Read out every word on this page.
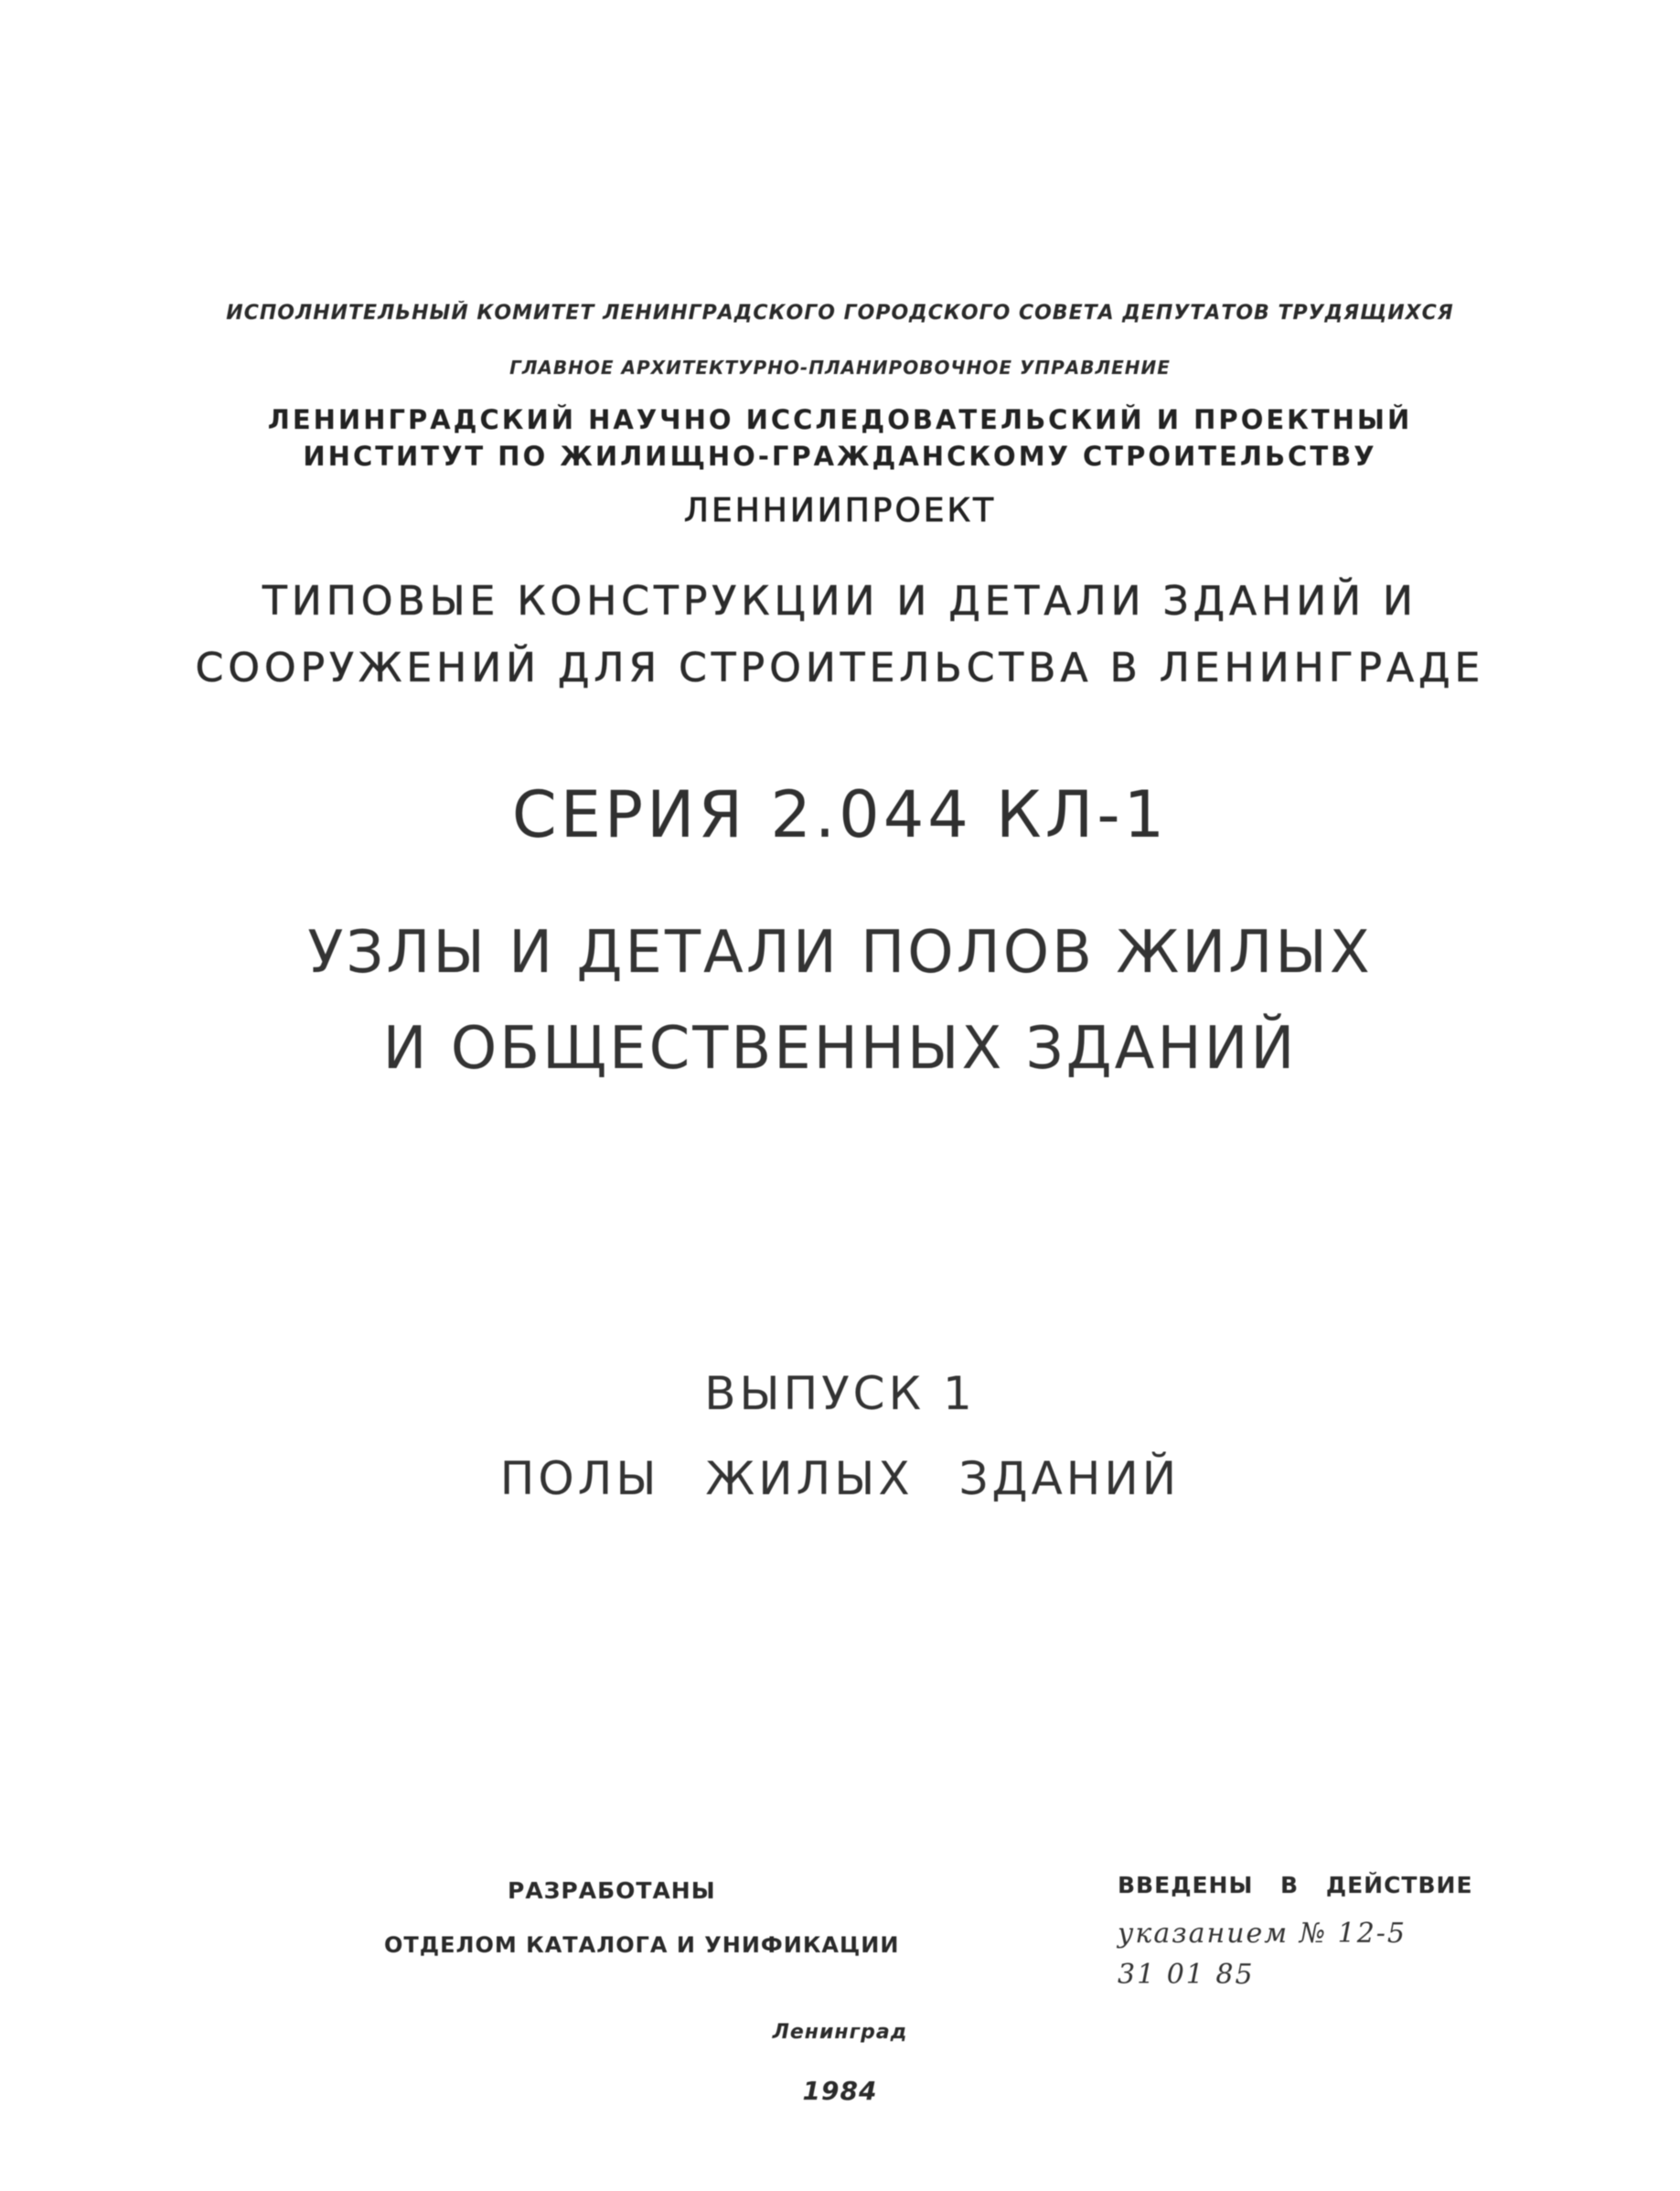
ИСПОЛНИТЕЛЬНЫЙ КОМИТЕТ ЛЕНИНГРАДСКОГО ГОРОДСКОГО СОВЕТА ДЕПУТАТОВ ТРУДЯЩИХСЯ
ГЛАВНОЕ АРХИТЕКТУРНО-ПЛАНИРОВОЧНОЕ УПРАВЛЕНИЕ
ЛЕНИНГРАДСКИЙ НАУЧНО ИССЛЕДОВАТЕЛЬСКИЙ И ПРОЕКТНЫЙ
ИНСТИТУТ ПО ЖИЛИЩНО-ГРАЖДАНСКОМУ СТРОИТЕЛЬСТВУ
ЛЕННИИПРОЕКТ
ТИПОВЫЕ КОНСТРУКЦИИ И ДЕТАЛИ ЗДАНИЙ И
СООРУЖЕНИЙ ДЛЯ СТРОИТЕЛЬСТВА В ЛЕНИНГРАДЕ
СЕРИЯ 2.044 КЛ-1
УЗЛЫ И ДЕТАЛИ ПОЛОВ ЖИЛЫХ
И ОБЩЕСТВЕННЫХ ЗДАНИЙ
ВЫПУСК 1
ПОЛЫ ЖИЛЫХ ЗДАНИЙ
РАЗРАБОТАНЫ
ОТДЕЛОМ КАТАЛОГА И УНИФИКАЦИИ
ВВЕДЕНЫ В ДЕЙСТВИЕ
указанием № 12-5
31 01 85
Ленинград
1984
